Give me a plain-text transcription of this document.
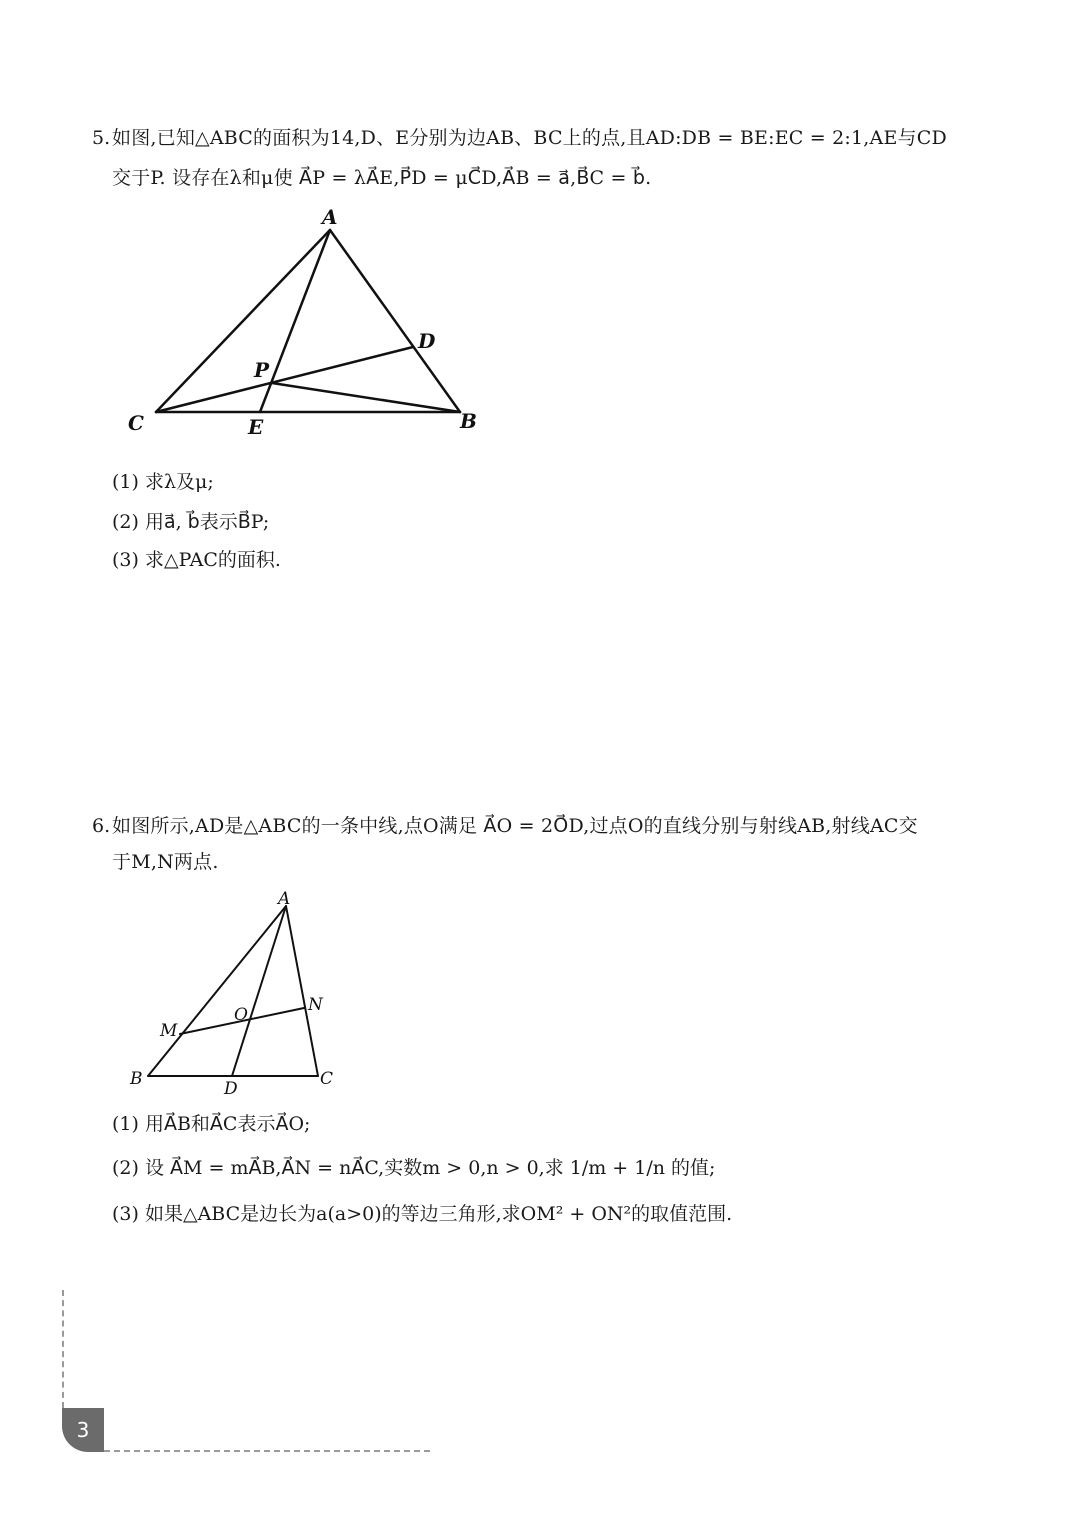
5. 如图,已知△ABC的面积为14,D、E分别为边AB、BC上的点,且AD:DB = BE:EC = 2:1,AE与CD
交于P. 设存在λ和μ使 A⃗P = λA⃗E,P⃗D = μC⃗D,A⃗B = a⃗,B⃗C = b⃗.
A
B
C
D
E
P
(1) 求λ及μ;
(2) 用a⃗, b⃗表示B⃗P;
(3) 求△PAC的面积.
6. 如图所示,AD是△ABC的一条中线,点O满足 A⃗O = 2O⃗D,过点O的直线分别与射线AB,射线AC交
于M,N两点.
A
B	C
D
M
N
O
(1) 用A⃗B和A⃗C表示A⃗O;
(2) 设 A⃗M = mA⃗B,A⃗N = nA⃗C,实数m > 0,n > 0,求 1/m + 1/n 的值;
(3) 如果△ABC是边长为a(a>0)的等边三角形,求OM² + ON²的取值范围.
3
